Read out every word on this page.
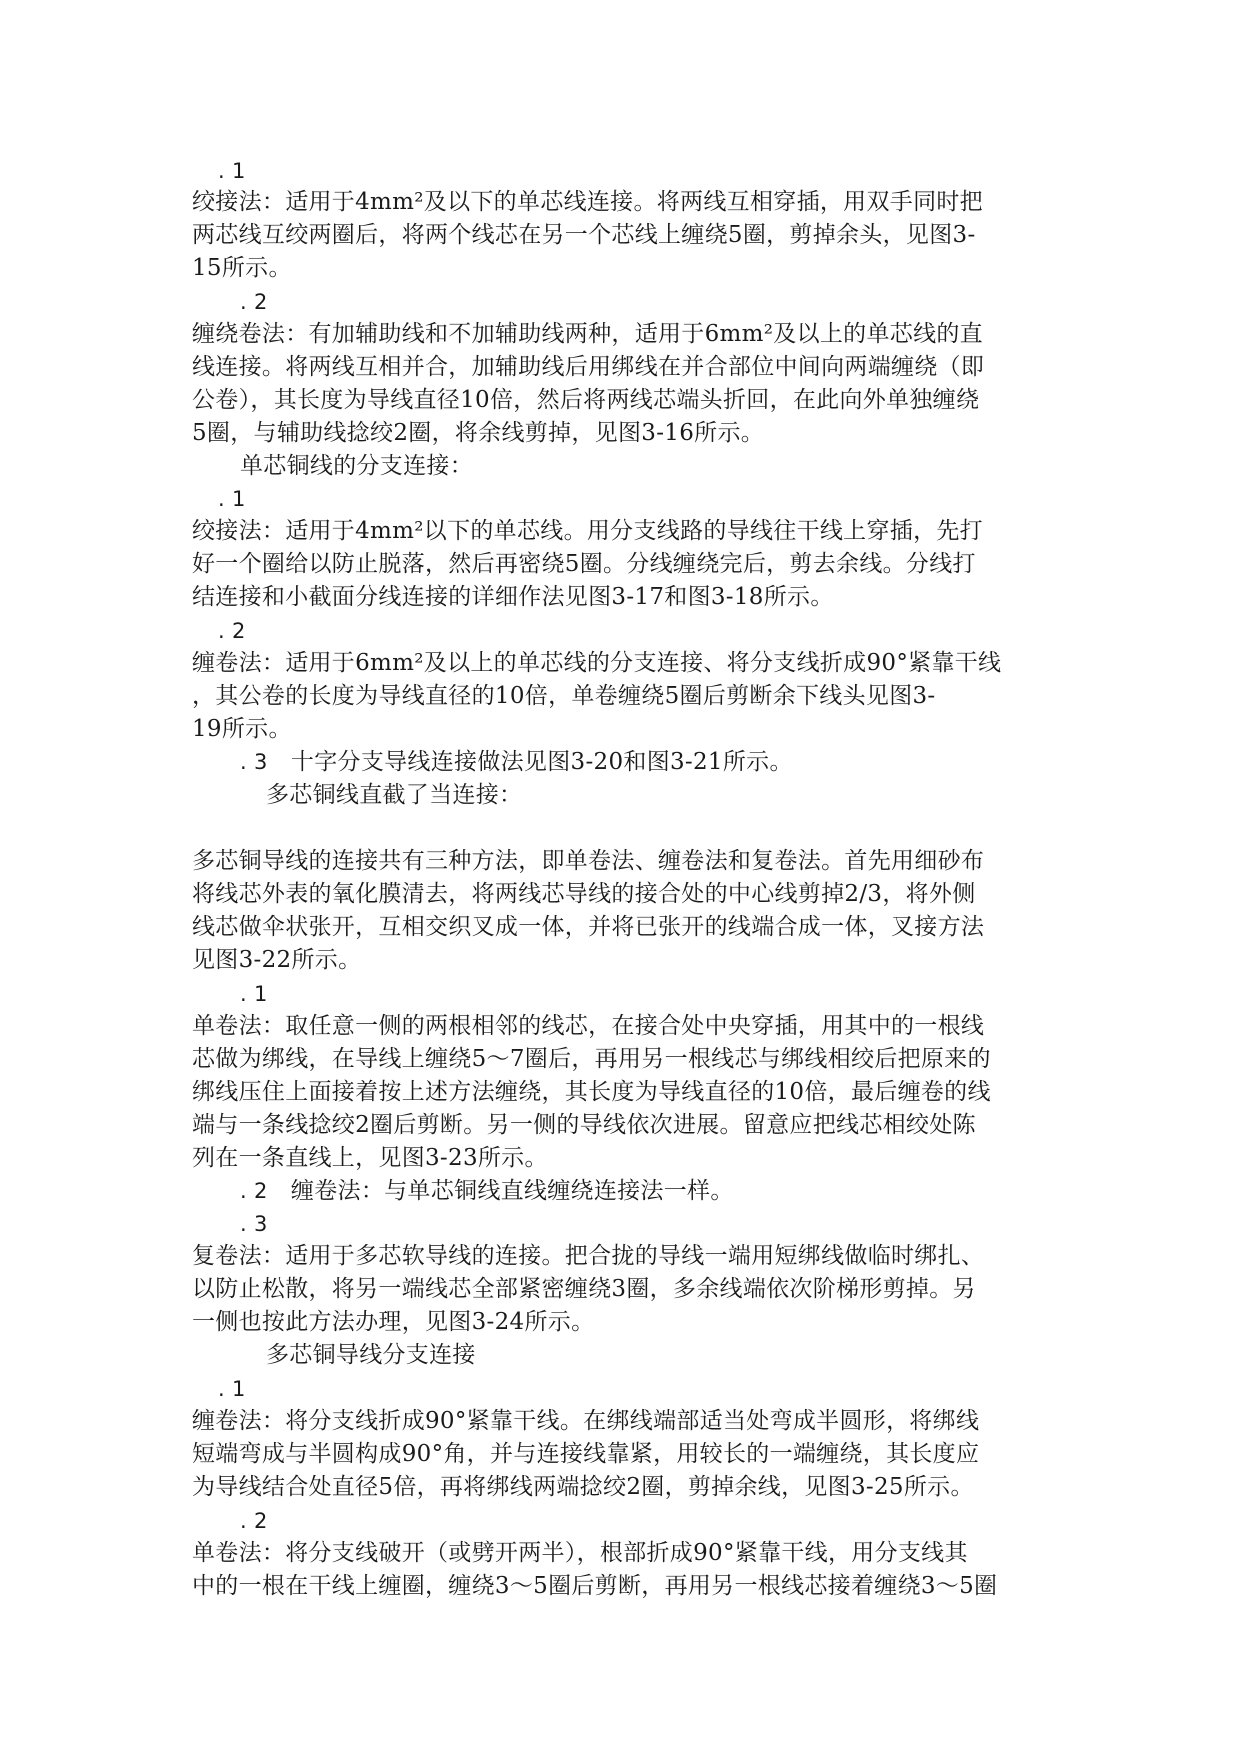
. 1
绞接法：适用于4mm²及以下的单芯线连接。将两线互相穿插，用双手同时把
两芯线互绞两圈后，将两个线芯在另一个芯线上缠绕5圈，剪掉余头，见图3-
15所示。
. 2
缠绕卷法：有加辅助线和不加辅助线两种，适用于6mm²及以上的单芯线的直
线连接。将两线互相并合，加辅助线后用绑线在并合部位中间向两端缠绕（即
公卷），其长度为导线直径10倍，然后将两线芯端头折回，在此向外单独缠绕
5圈，与辅助线捻绞2圈，将余线剪掉，见图3-16所示。
单芯铜线的分支连接：
. 1
绞接法：适用于4mm²以下的单芯线。用分支线路的导线往干线上穿插，先打
好一个圈给以防止脱落，然后再密绕5圈。分线缠绕完后，剪去余线。分线打
结连接和小截面分线连接的详细作法见图3-17和图3-18所示。
. 2
缠卷法：适用于6mm²及以上的单芯线的分支连接、将分支线折成90°紧靠干线
，其公卷的长度为导线直径的10倍，单卷缠绕5圈后剪断余下线头见图3-
19所示。
. 3　十字分支导线连接做法见图3-20和图3-21所示。
多芯铜线直截了当连接：
多芯铜导线的连接共有三种方法，即单卷法、缠卷法和复卷法。首先用细砂布
将线芯外表的氧化膜清去，将两线芯导线的接合处的中心线剪掉2/3，将外侧
线芯做伞状张开，互相交织叉成一体，并将已张开的线端合成一体，叉接方法
见图3-22所示。
. 1
单卷法：取任意一侧的两根相邻的线芯，在接合处中央穿插，用其中的一根线
芯做为绑线，在导线上缠绕5～7圈后，再用另一根线芯与绑线相绞后把原来的
绑线压住上面接着按上述方法缠绕，其长度为导线直径的10倍，最后缠卷的线
端与一条线捻绞2圈后剪断。另一侧的导线依次进展。留意应把线芯相绞处陈
列在一条直线上，见图3-23所示。
. 2　缠卷法：与单芯铜线直线缠绕连接法一样。
. 3
复卷法：适用于多芯软导线的连接。把合拢的导线一端用短绑线做临时绑扎、
以防止松散，将另一端线芯全部紧密缠绕3圈，多余线端依次阶梯形剪掉。另
一侧也按此方法办理，见图3-24所示。
多芯铜导线分支连接
. 1
缠卷法：将分支线折成90°紧靠干线。在绑线端部适当处弯成半圆形，将绑线
短端弯成与半圆构成90°角，并与连接线靠紧，用较长的一端缠绕，其长度应
为导线结合处直径5倍，再将绑线两端捻绞2圈，剪掉余线，见图3-25所示。
. 2
单卷法：将分支线破开（或劈开两半），根部折成90°紧靠干线，用分支线其
中的一根在干线上缠圈，缠绕3～5圈后剪断，再用另一根线芯接着缠绕3～5圈
